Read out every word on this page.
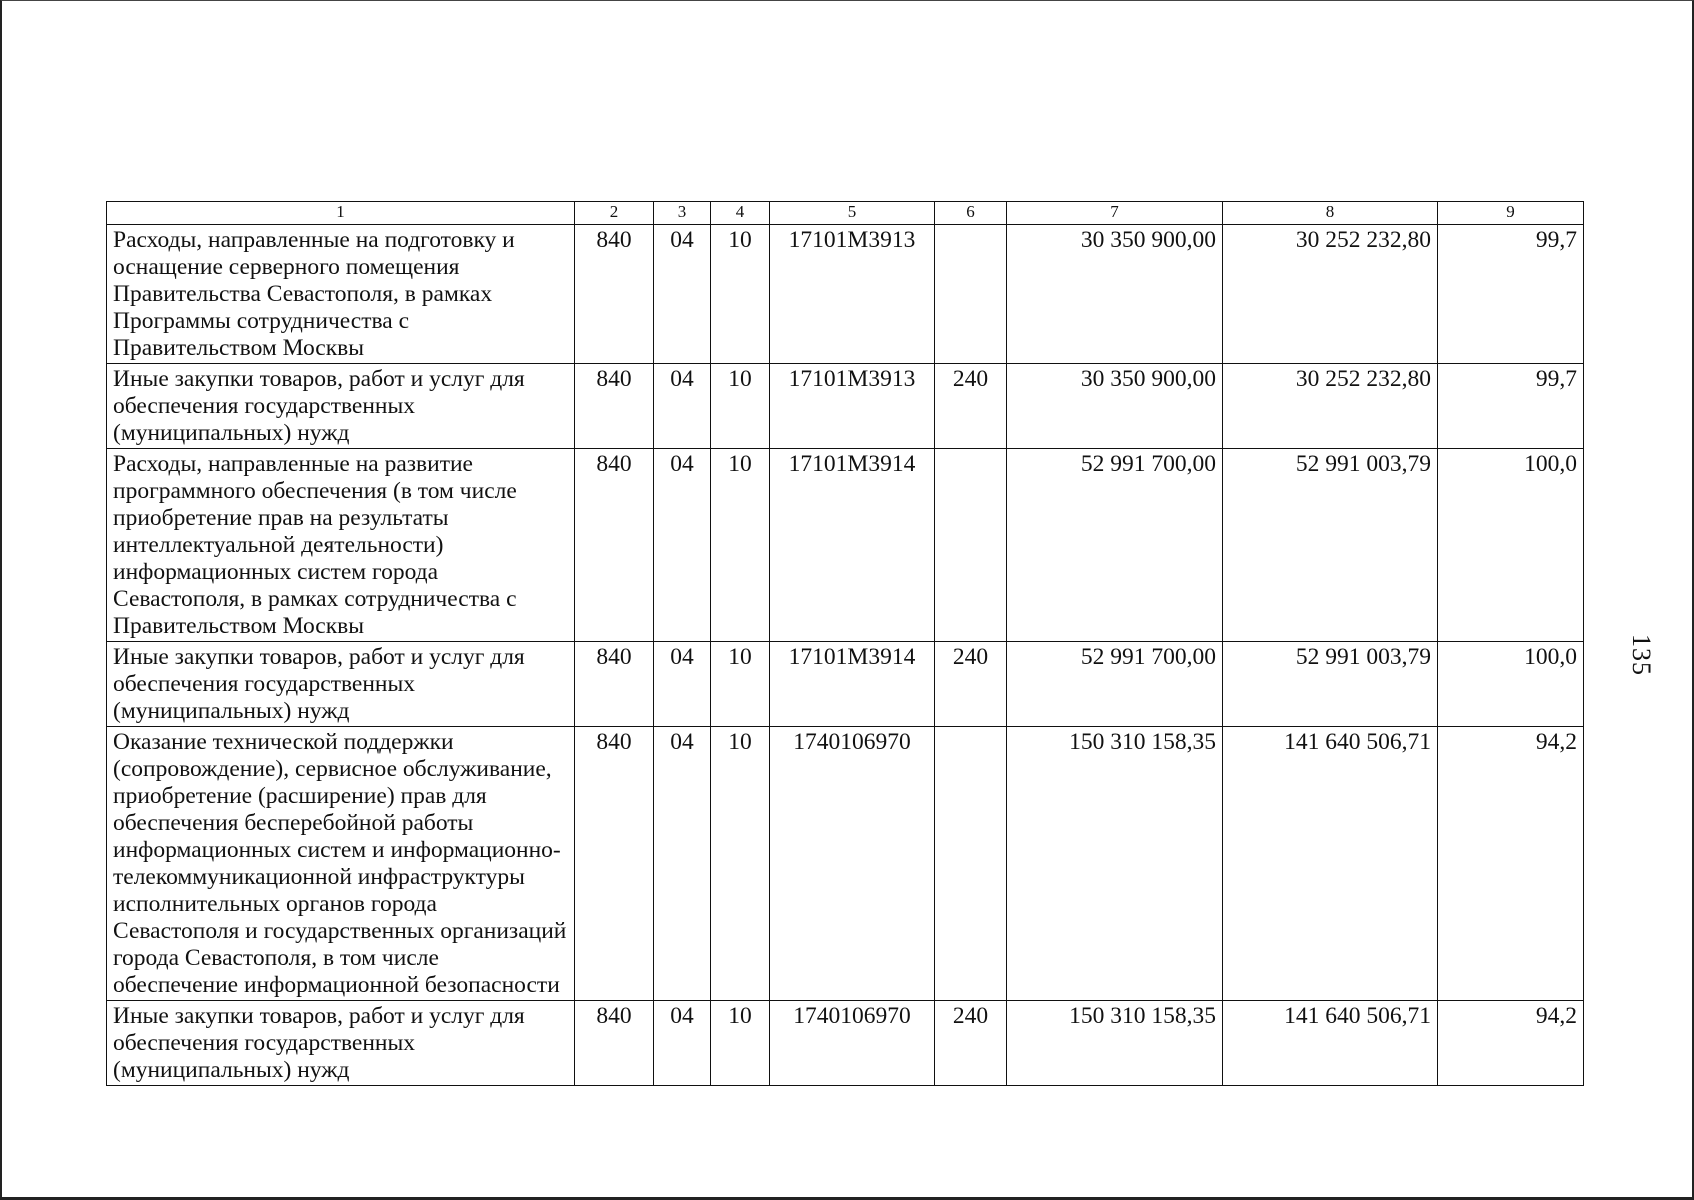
1	2	3	4	5	6	7	8	9
Расходы, направленные на подготовку и оснащение серверного помещения Правительства Севастополя, в рамках Программы сотрудничества с Правительством Москвы	840	04	10	17101M3913		30 350 900,00	30 252 232,80	99,7
Иные закупки товаров, работ и услуг для обеспечения государственных (муниципальных) нужд	840	04	10	17101M3913	240	30 350 900,00	30 252 232,80	99,7
Расходы, направленные на развитие программного обеспечения (в том числе приобретение прав на результаты интеллектуальной деятельности) информационных систем города Севастополя, в рамках сотрудничества с Правительством Москвы	840	04	10	17101M3914		52 991 700,00	52 991 003,79	100,0
Иные закупки товаров, работ и услуг для обеспечения государственных (муниципальных) нужд	840	04	10	17101M3914	240	52 991 700,00	52 991 003,79	100,0
Оказание технической поддержки (сопровождение), сервисное обслуживание, приобретение (расширение) прав для обеспечения бесперебойной работы информационных систем и информационно-телекоммуникационной инфраструктуры исполнительных органов города Севастополя и государственных организаций города Севастополя, в том числе обеспечение информационной безопасности	840	04	10	1740106970		150 310 158,35	141 640 506,71	94,2
Иные закупки товаров, работ и услуг для обеспечения государственных (муниципальных) нужд	840	04	10	1740106970	240	150 310 158,35	141 640 506,71	94,2
135
